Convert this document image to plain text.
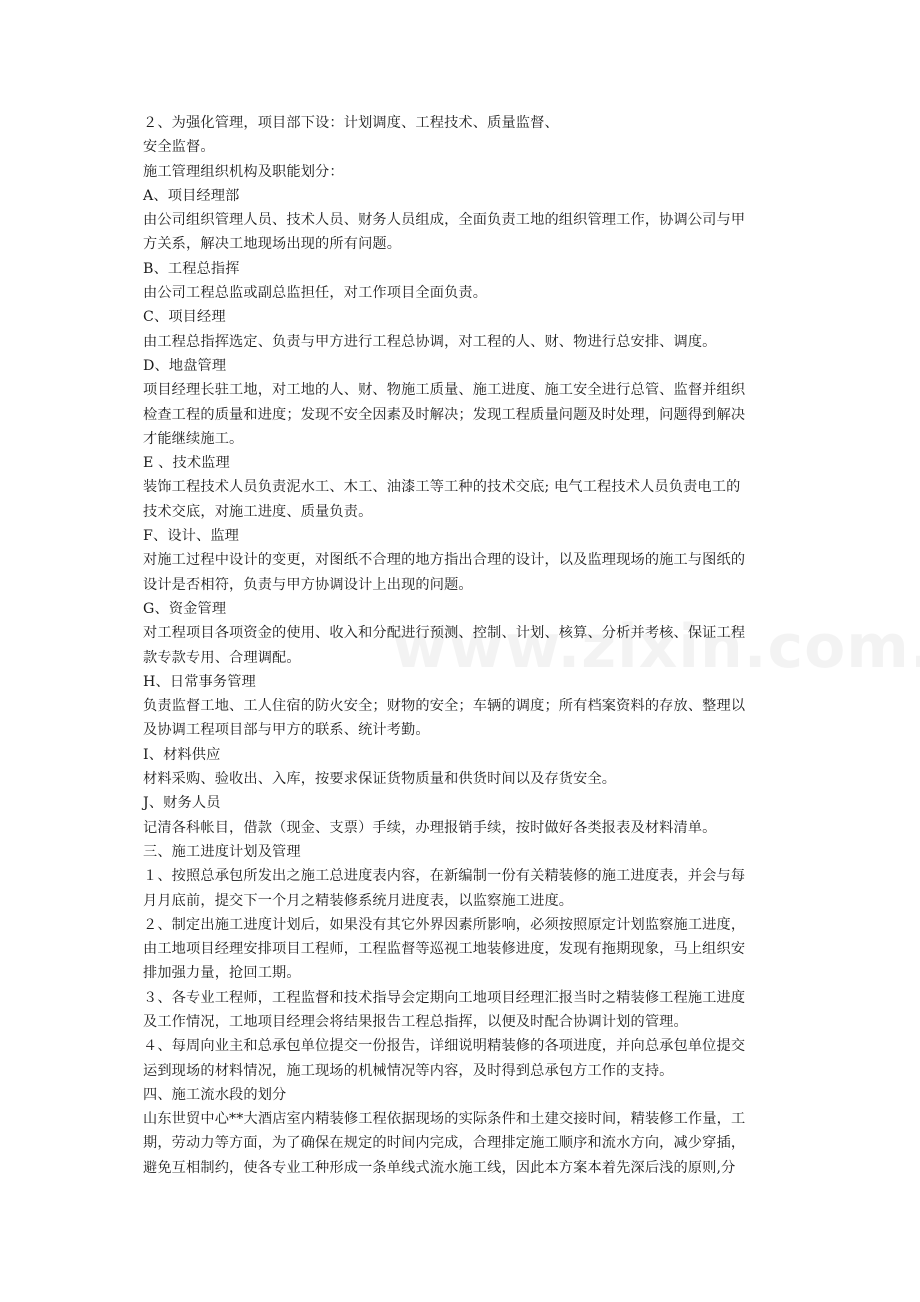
２、为强化管理，项目部下设：计划调度、工程技术、质量监督、
安全监督。
施工管理组织机构及职能划分：
A、项目经理部
由公司组织管理人员、技术人员、财务人员组成，全面负责工地的组织管理工作，协调公司与甲
方关系，解决工地现场出现的所有问题。
B、工程总指挥
由公司工程总监或副总监担任，对工作项目全面负责。
C、项目经理
由工程总指挥选定、负责与甲方进行工程总协调，对工程的人、财、物进行总安排、调度。
D、地盘管理
项目经理长驻工地，对工地的人、财、物施工质量、施工进度、施工安全进行总管、监督并组织
检查工程的质量和进度；发现不安全因素及时解决；发现工程质量问题及时处理，问题得到解决
才能继续施工。
E 、技术监理
装饰工程技术人员负责泥水工、木工、油漆工等工种的技术交底; 电气工程技术人员负责电工的
技术交底，对施工进度、质量负责。
F、设计、监理
对施工过程中设计的变更，对图纸不合理的地方指出合理的设计，以及监理现场的施工与图纸的
设计是否相符，负责与甲方协调设计上出现的问题。
G、资金管理
对工程项目各项资金的使用、收入和分配进行预测、控制、计划、核算、分析并考核、保证工程
款专款专用、合理调配。
H、日常事务管理
负责监督工地、工人住宿的防火安全；财物的安全；车辆的调度；所有档案资料的存放、整理以
及协调工程项目部与甲方的联系、统计考勤。
I、材料供应
材料采购、验收出、入库，按要求保证货物质量和供货时间以及存货安全。
J、财务人员
记清各科帐目，借款（现金、支票）手续，办理报销手续，按时做好各类报表及材料清单。
三、施工进度计划及管理
１、按照总承包所发出之施工总进度表内容，在新编制一份有关精装修的施工进度表，并会与每
月月底前，提交下一个月之精装修系统月进度表，以监察施工进度。
２、制定出施工进度计划后，如果没有其它外界因素所影响，必须按照原定计划监察施工进度，
由工地项目经理安排项目工程师，工程监督等巡视工地装修进度，发现有拖期现象，马上组织安
排加强力量，抢回工期。
３、各专业工程师，工程监督和技术指导会定期向工地项目经理汇报当时之精装修工程施工进度
及工作情况，工地项目经理会将结果报告工程总指挥，以便及时配合协调计划的管理。
４、每周向业主和总承包单位提交一份报告，详细说明精装修的各项进度，并向总承包单位提交
运到现场的材料情况，施工现场的机械情况等内容，及时得到总承包方工作的支持。
四、施工流水段的划分
山东世贸中心**大酒店室内精装修工程依据现场的实际条件和土建交接时间，精装修工作量，工
期，劳动力等方面，为了确保在规定的时间内完成，合理排定施工顺序和流水方向，减少穿插，
避免互相制约，使各专业工种形成一条单线式流水施工线，因此本方案本着先深后浅的原则,分
